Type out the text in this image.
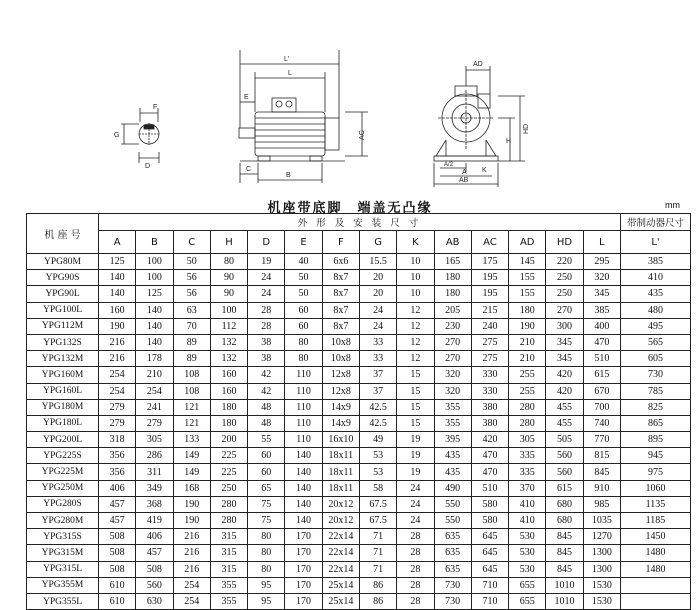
F
G
D
L'
L
E
AC
C
B
AD
HD
H
A/2
K
A
AB
机座带底脚　端盖无凸缘	mm
机 座 号	外 形 及 安 装 尺 寸														带制动器尺寸
	A	B	C	H	D	E	F	G	K	AB	AC	AD	HD	L	L'
YPG80M	125	100	50	80	19	40	6x6	15.5	10	165	175	145	220	295	385
YPG90S	140	100	56	90	24	50	8x7	20	10	180	195	155	250	320	410
YPG90L	140	125	56	90	24	50	8x7	20	10	180	195	155	250	345	435
YPG100L	160	140	63	100	28	60	8x7	24	12	205	215	180	270	385	480
YPG112M	190	140	70	112	28	60	8x7	24	12	230	240	190	300	400	495
YPG132S	216	140	89	132	38	80	10x8	33	12	270	275	210	345	470	565
YPG132M	216	178	89	132	38	80	10x8	33	12	270	275	210	345	510	605
YPG160M	254	210	108	160	42	110	12x8	37	15	320	330	255	420	615	730
YPG160L	254	254	108	160	42	110	12x8	37	15	320	330	255	420	670	785
YPG180M	279	241	121	180	48	110	14x9	42.5	15	355	380	280	455	700	825
YPG180L	279	279	121	180	48	110	14x9	42.5	15	355	380	280	455	740	865
YPG200L	318	305	133	200	55	110	16x10	49	19	395	420	305	505	770	895
YPG225S	356	286	149	225	60	140	18x11	53	19	435	470	335	560	815	945
YPG225M	356	311	149	225	60	140	18x11	53	19	435	470	335	560	845	975
YPG250M	406	349	168	250	65	140	18x11	58	24	490	510	370	615	910	1060
YPG280S	457	368	190	280	75	140	20x12	67.5	24	550	580	410	680	985	1135
YPG280M	457	419	190	280	75	140	20x12	67.5	24	550	580	410	680	1035	1185
YPG315S	508	406	216	315	80	170	22x14	71	28	635	645	530	845	1270	1450
YPG315M	508	457	216	315	80	170	22x14	71	28	635	645	530	845	1300	1480
YPG315L	508	508	216	315	80	170	22x14	71	28	635	645	530	845	1300	1480
YPG355M	610	560	254	355	95	170	25x14	86	28	730	710	655	1010	1530	
YPG355L	610	630	254	355	95	170	25x14	86	28	730	710	655	1010	1530	
